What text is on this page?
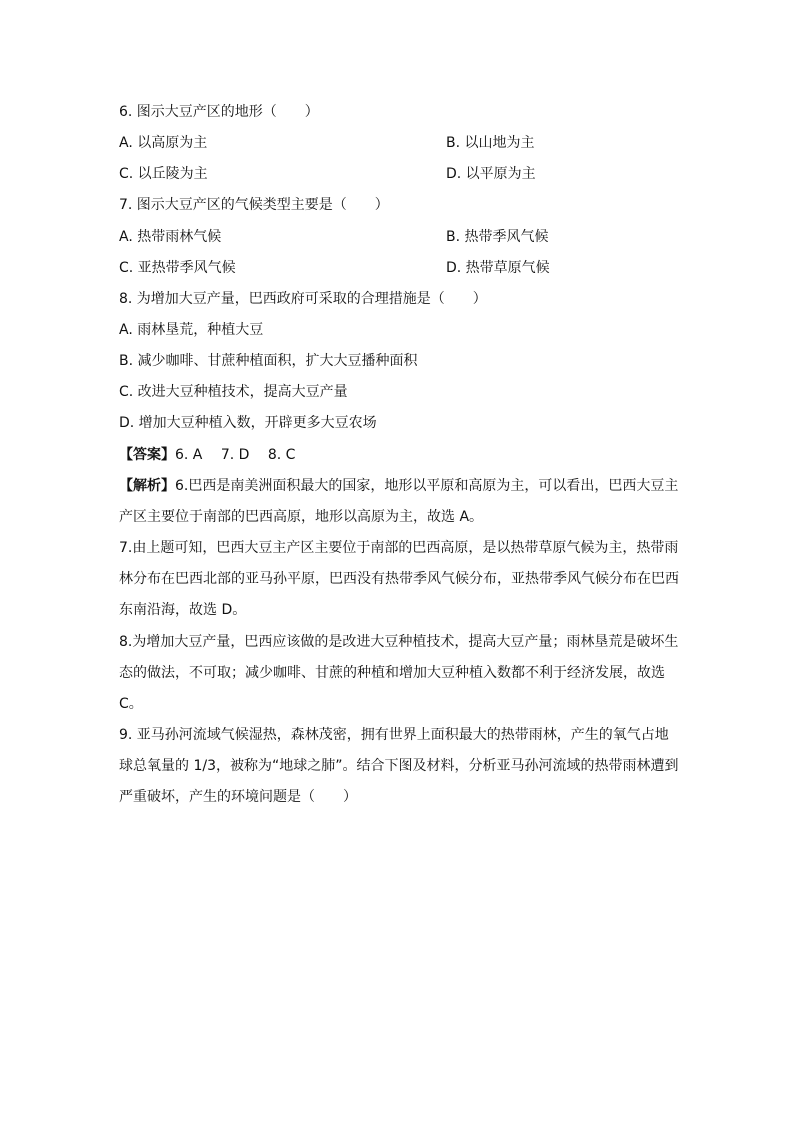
6. 图示大豆产区的地形（　　）
A. 以高原为主	B. 以山地为主
C. 以丘陵为主	D. 以平原为主
7. 图示大豆产区的气候类型主要是（　　）
A. 热带雨林气候	B. 热带季风气候
C. 亚热带季风气候	D. 热带草原气候
8. 为增加大豆产量，巴西政府可采取的合理措施是（　　）
A. 雨林垦荒，种植大豆
B. 减少咖啡、甘蔗种植面积，扩大大豆播种面积
C. 改进大豆种植技术，提高大豆产量
D. 增加大豆种植入数，开辟更多大豆农场
【答案】6. A　 7. D　 8. C
【解析】6.巴西是南美洲面积最大的国家，地形以平原和高原为主，可以看出，巴西大豆主产区主要位于南部的巴西高原，地形以高原为主，故选 A。
7.由上题可知，巴西大豆主产区主要位于南部的巴西高原，是以热带草原气候为主，热带雨林分布在巴西北部的亚马孙平原，巴西没有热带季风气候分布，亚热带季风气候分布在巴西东南沿海，故选 D。
8.为增加大豆产量，巴西应该做的是改进大豆种植技术，提高大豆产量；雨林垦荒是破坏生态的做法，不可取；减少咖啡、甘蔗的种植和增加大豆种植入数都不利于经济发展，故选 C。
9. 亚马孙河流域气候湿热，森林茂密，拥有世界上面积最大的热带雨林，产生的氧气占地球总氧量的 1/3，被称为“地球之肺”。结合下图及材料，分析亚马孙河流域的热带雨林遭到严重破坏，产生的环境问题是（　　）
